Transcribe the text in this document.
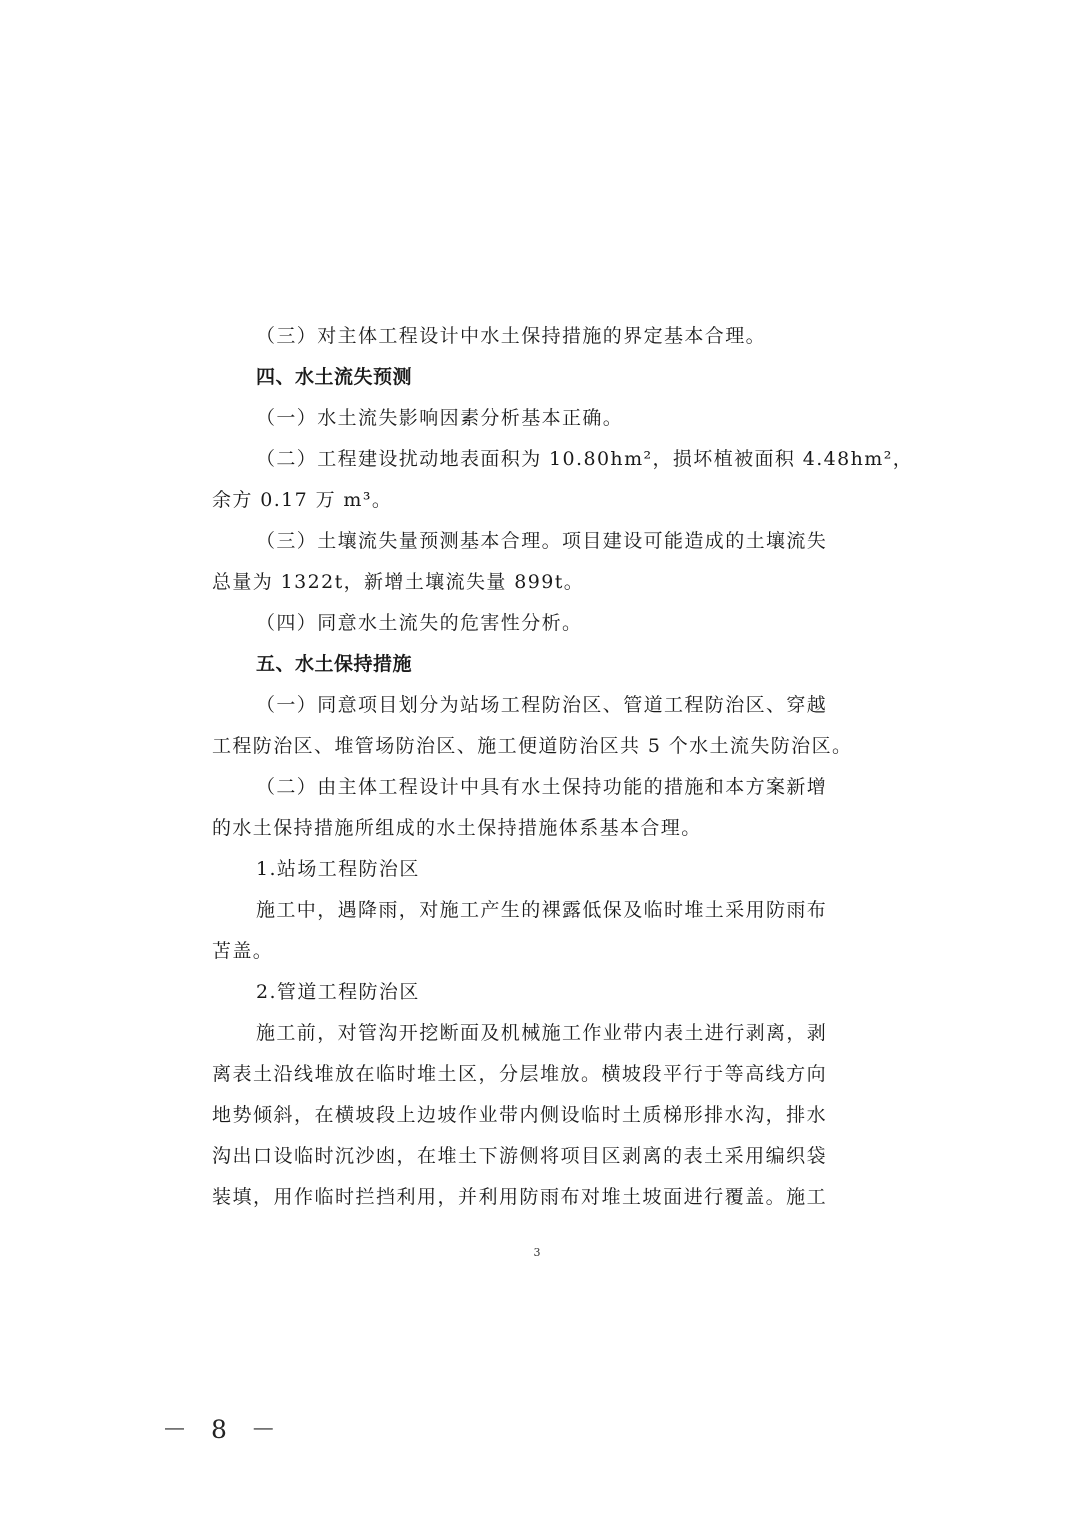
（三）对主体工程设计中水土保持措施的界定基本合理。
四、水土流失预测
（一）水土流失影响因素分析基本正确。
（二）工程建设扰动地表面积为 10.80hm²，损坏植被面积 4.48hm²，
余方 0.17 万 m³。
（三）土壤流失量预测基本合理。项目建设可能造成的土壤流失
总量为 1322t，新增土壤流失量 899t。
（四）同意水土流失的危害性分析。
五、水土保持措施
（一）同意项目划分为站场工程防治区、管道工程防治区、穿越
工程防治区、堆管场防治区、施工便道防治区共 5 个水土流失防治区。
（二）由主体工程设计中具有水土保持功能的措施和本方案新增
的水土保持措施所组成的水土保持措施体系基本合理。
1.站场工程防治区
施工中，遇降雨，对施工产生的裸露低保及临时堆土采用防雨布
苫盖。
2.管道工程防治区
施工前，对管沟开挖断面及机械施工作业带内表土进行剥离，剥
离表土沿线堆放在临时堆土区，分层堆放。横坡段平行于等高线方向
地势倾斜，在横坡段上边坡作业带内侧设临时土质梯形排水沟，排水
沟出口设临时沉沙凼，在堆土下游侧将项目区剥离的表土采用编织袋
装填，用作临时拦挡利用，并利用防雨布对堆土坡面进行覆盖。施工
3
－ 8 －
